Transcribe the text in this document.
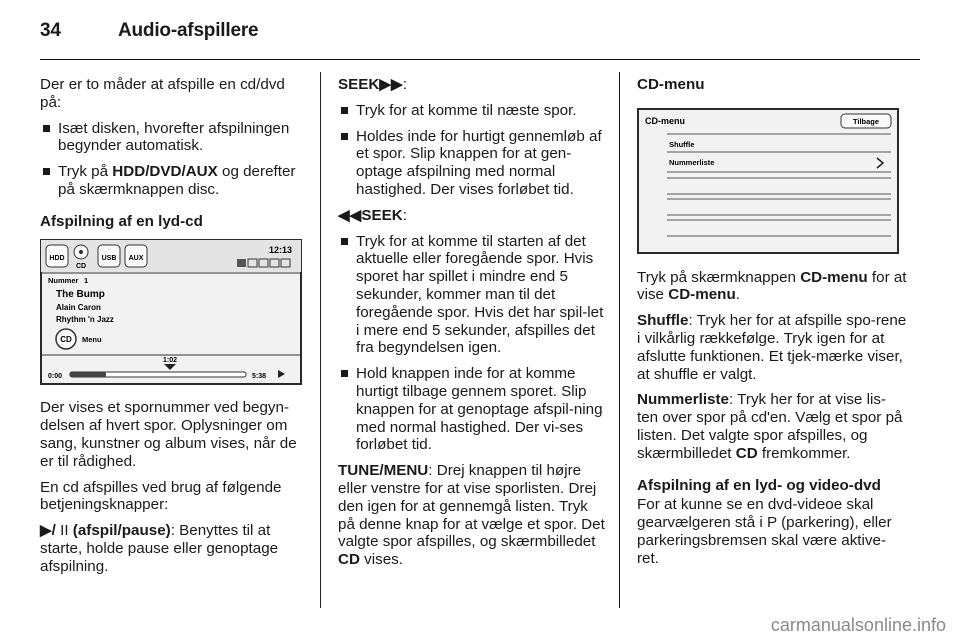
34	Audio-afspillere

Der er to måder at afspille en cd/dvd på:

Isæt disken, hvorefter afspilningen begynder automatisk.

Tryk på HDD/DVD/AUX og derefter på skærmknappen disc.

Afspilning af en lyd-cd

HDD
CD
USB AUX
12:13
Nummer 1
The Bump
Alain Caron
Rhythm 'n Jazz
CD Menu
1:02
0:00	5:38

Der vises et spornummer ved begyn-delsen af hvert spor. Oplysninger om sang, kunstner og album vises, når de er til rådighed.

En cd afspilles ved brug af følgende betjeningsknapper:

▶/ II (afspil/pause): Benyttes til at starte, holde pause eller genoptage afspilning.

SEEK▶▶:

Tryk for at komme til næste spor.

Holdes inde for hurtigt gennemløb af et spor. Slip knappen for at gen-optage afspilning med normal hastighed. Der vises forløbet tid.

◀◀SEEK:

Tryk for at komme til starten af det aktuelle eller foregående spor. Hvis sporet har spillet i mindre end 5 sekunder, kommer man til det foregående spor. Hvis det har spil-let i mere end 5 sekunder, afspilles det fra begyndelsen igen.

Hold knappen inde for at komme hurtigt tilbage gennem sporet. Slip knappen for at genoptage afspil-ning med normal hastighed. Der vi-ses forløbet tid.

TUNE/MENU: Drej knappen til højre eller venstre for at vise sporlisten. Drej den igen for at gennemgå listen. Tryk på denne knap for at vælge et spor. Det valgte spor afspilles, og skærmbilledet CD vises.

CD-menu

CD-menu	Tilbage
Shuffle
Nummerliste

Tryk på skærmknappen CD-menu for at vise CD-menu.

Shuffle: Tryk her for at afspille spo-rene i vilkårlig rækkefølge. Tryk igen for at afslutte funktionen. Et tjek-mærke viser, at shuffle er valgt.

Nummerliste: Tryk her for at vise lis-ten over spor på cd'en. Vælg et spor på listen. Det valgte spor afspilles, og skærmbilledet CD fremkommer.

Afspilning af en lyd- og video-dvd

For at kunne se en dvd-videoe skal gearvælgeren stå i P (parkering), eller parkeringsbremsen skal være aktive-ret.

carmanualsonline.info
